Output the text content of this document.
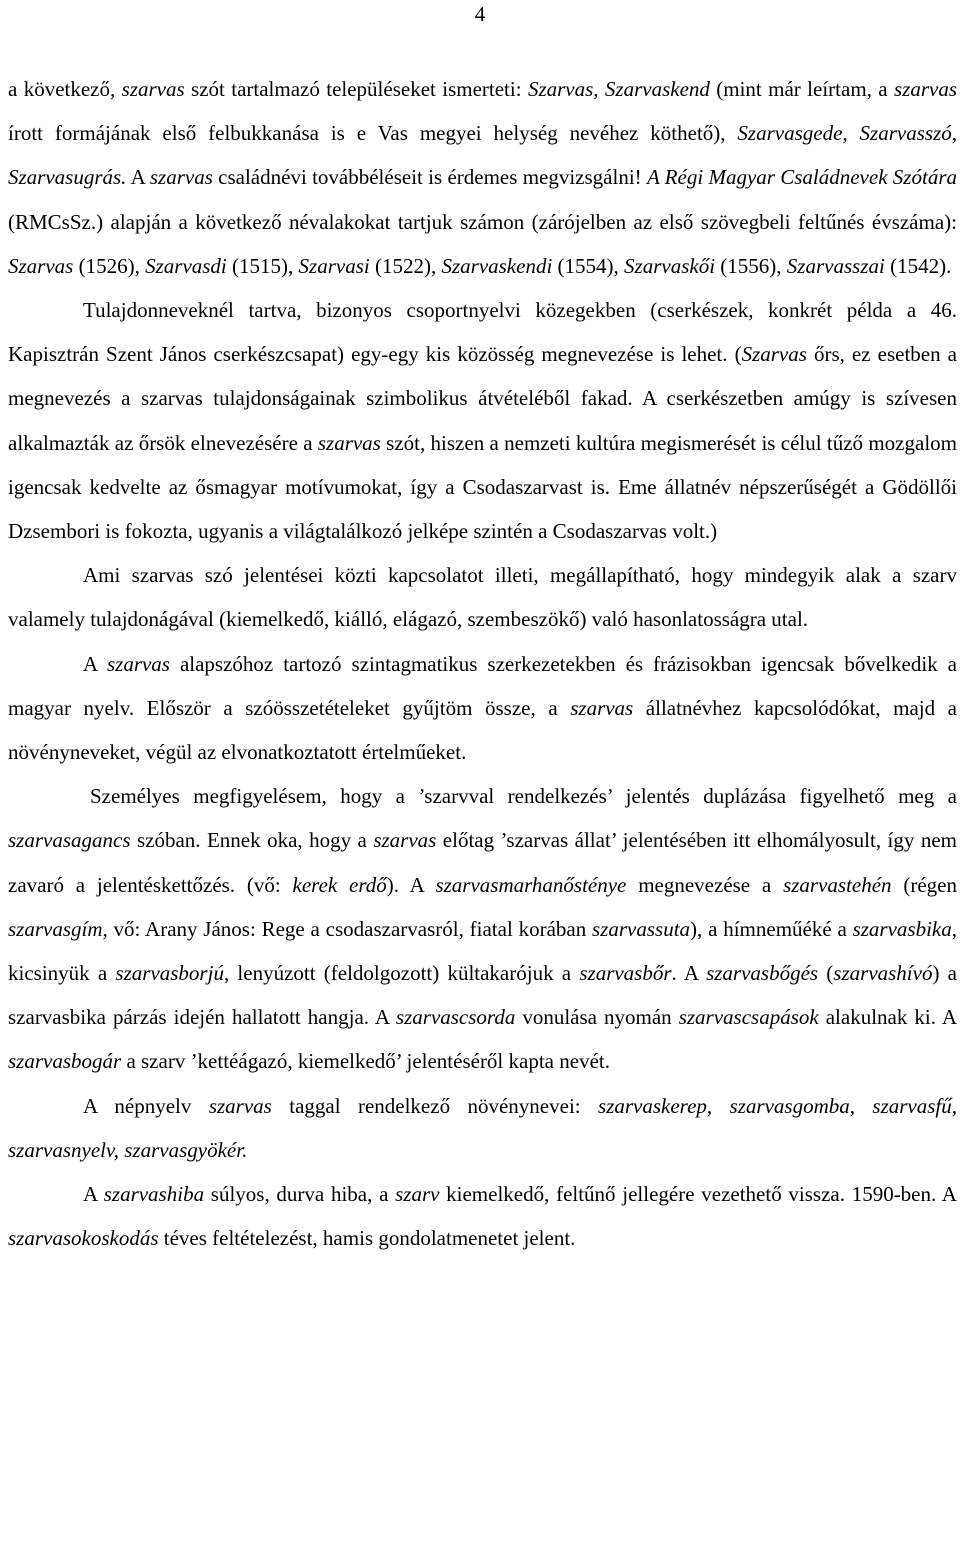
4

a következő, szarvas szót tartalmazó településeket ismerteti: Szarvas, Szarvaskend (mint már leírtam, a szarvas írott formájának első felbukkanása is e Vas megyei helység nevéhez köthető), Szarvasgede, Szarvasszó, Szarvasugrás. A szarvas családnévi továbbéléseit is érdemes megvizsgálni! A Régi Magyar Családnevek Szótára (RMCsSz.) alapján a következő névalakokat tartjuk számon (zárójelben az első szövegbeli feltűnés évszáma): Szarvas (1526), Szarvasdi (1515), Szarvasi (1522), Szarvaskendi (1554), Szarvaskői (1556), Szarvasszai (1542).

Tulajdonneveknél tartva, bizonyos csoportnyelvi közegekben (cserkészek, konkrét példa a 46. Kapisztrán Szent János cserkészcsapat) egy-egy kis közösség megnevezése is lehet. (Szarvas őrs, ez esetben a megnevezés a szarvas tulajdonságainak szimbolikus átvételéből fakad. A cserkészetben amúgy is szívesen alkalmazták az őrsök elnevezésére a szarvas szót, hiszen a nemzeti kultúra megismerését is célul tűző mozgalom igencsak kedvelte az ősmagyar motívumokat, így a Csodaszarvast is. Eme állatnév népszerűségét a Gödöllői Dzsembori is fokozta, ugyanis a világtalálkozó jelképe szintén a Csodaszarvas volt.)

Ami szarvas szó jelentései közti kapcsolatot illeti, megállapítható, hogy mindegyik alak a szarv valamely tulajdonágával (kiemelkedő, kiálló, elágazó, szembeszökő) való hasonlatosságra utal.

A szarvas alapszóhoz tartozó szintagmatikus szerkezetekben és frázisokban igencsak bővelkedik a magyar nyelv. Először a szóösszetételeket gyűjtöm össze, a szarvas állatnévhez kapcsolódókat, majd a növényneveket, végül az elvonatkoztatott értelműeket.

Személyes megfigyelésem, hogy a ’szarvval rendelkezés’ jelentés duplázása figyelhető meg a szarvasagancs szóban. Ennek oka, hogy a szarvas előtag ’szarvas állat’ jelentésében itt elhomályosult, így nem zavaró a jelentéskettőzés. (vő: kerek erdő). A szarvasmarhanősténye megnevezése a szarvastehén (régen szarvasgím, vő: Arany János: Rege a csodaszarvasról, fiatal korában szarvassuta), a hímneműéké a szarvasbika, kicsinyük a szarvasborjú, lenyúzott (feldolgozott) kültakarójuk a szarvasbőr. A szarvasbőgés (szarvashívó) a szarvasbika párzás idején hallatott hangja. A szarvascsorda vonulása nyomán szarvascsapások alakulnak ki. A szarvasbogár a szarv ’kettéágazó, kiemelkedő’ jelentéséről kapta nevét.

A népnyelv szarvas taggal rendelkező növénynevei: szarvaskerep, szarvasgomba, szarvasfű, szarvasnyelv, szarvasgyökér.

A szarvashiba súlyos, durva hiba, a szarv kiemelkedő, feltűnő jellegére vezethető vissza. 1590-ben. A szarvasokoskodás téves feltételezést, hamis gondolatmenetet jelent.
